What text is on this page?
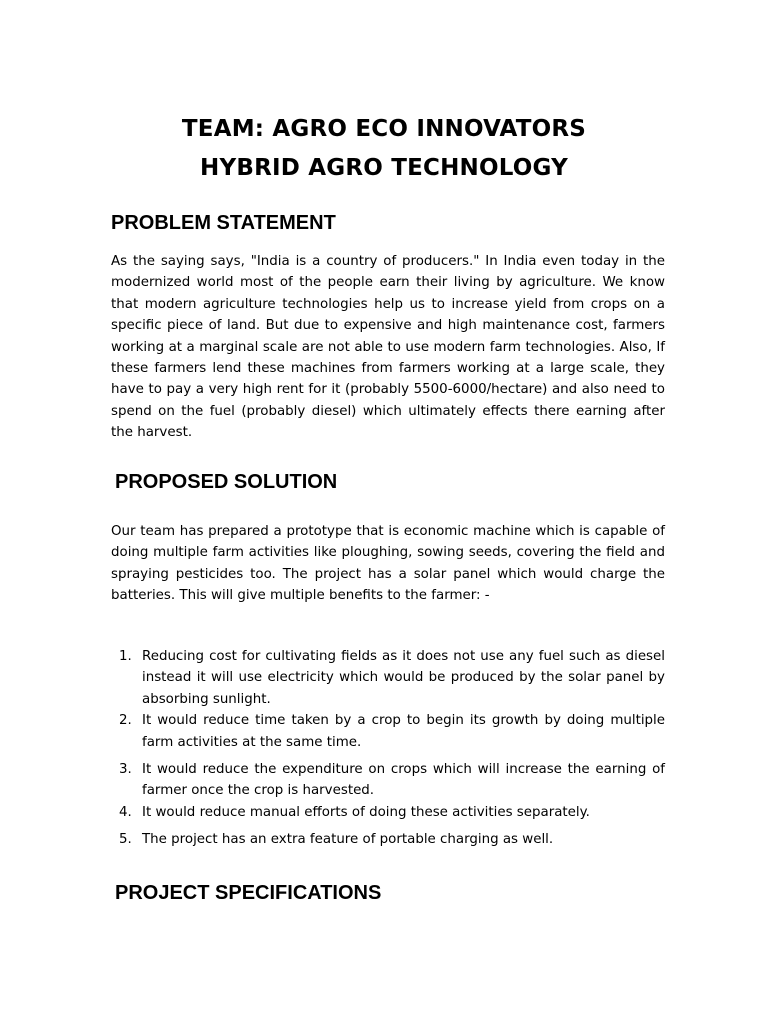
TEAM: AGRO ECO INNOVATORS
HYBRID AGRO TECHNOLOGY
PROBLEM STATEMENT

As the saying says, "India is a country of producers." In India even today in the modernized world most of the people earn their living by agriculture. We know that modern agriculture technologies help us to increase yield from crops on a specific piece of land. But due to expensive and high maintenance cost, farmers working at a marginal scale are not able to use modern farm technologies. Also, If these farmers lend these machines from farmers working at a large scale, they have to pay a very high rent for it (probably 5500-6000/hectare) and also need to spend on the fuel (probably diesel) which ultimately effects there earning after the harvest.

PROPOSED SOLUTION

Our team has prepared a prototype that is economic machine which is capable of doing multiple farm activities like ploughing, sowing seeds, covering the field and spraying pesticides too. The project has a solar panel which would charge the batteries. This will give multiple benefits to the farmer: -

1. Reducing cost for cultivating fields as it does not use any fuel such as diesel instead it will use electricity which would be produced by the solar panel by absorbing sunlight.
2. It would reduce time taken by a crop to begin its growth by doing multiple farm activities at the same time.
3. It would reduce the expenditure on crops which will increase the earning of farmer once the crop is harvested.
4. It would reduce manual efforts of doing these activities separately.
5. The project has an extra feature of portable charging as well.
PROJECT SPECIFICATIONS
